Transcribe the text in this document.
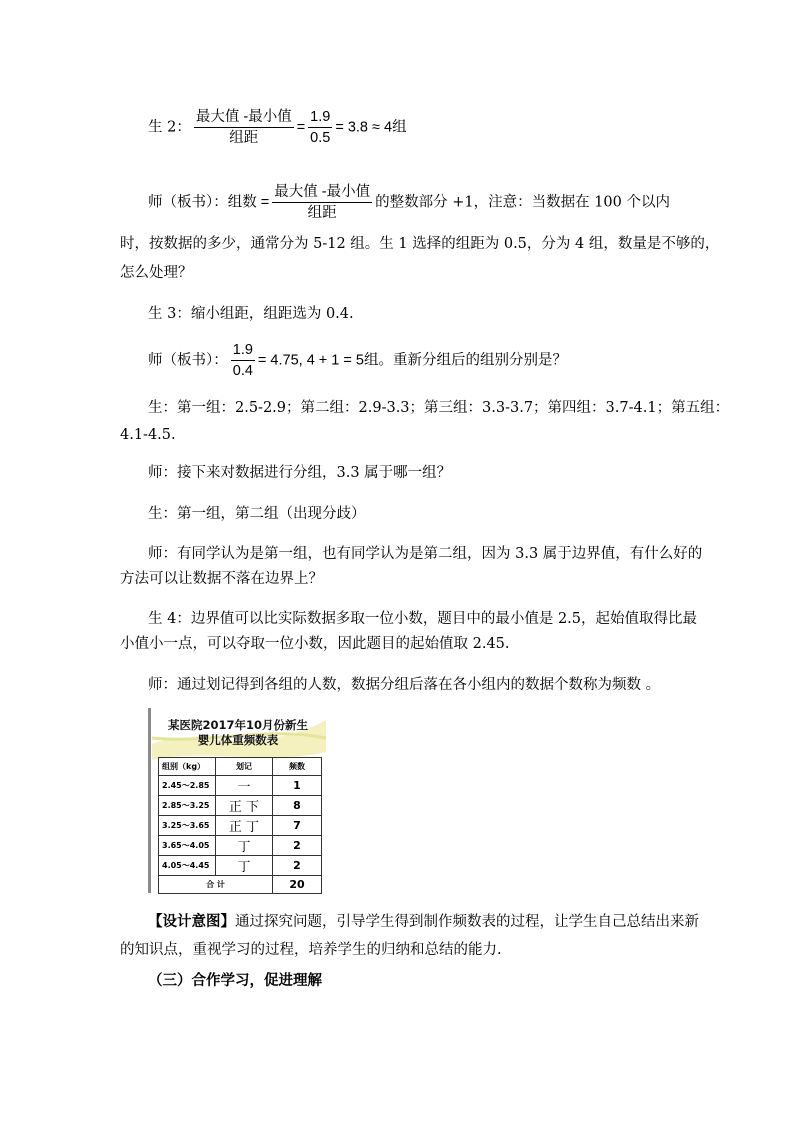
生 2： $\frac{\text{最大值 -最小值}}{\text{组距}} = \frac{1.9}{0.5} = 3.8 \approx 4$组
师（板书）：组数 = $\frac{\text{最大值 -最小值}}{\text{组距}}$ 的整数部分 +1，注意：当数据在 100 个以内
时，按数据的多少，通常分为 5-12 组。生 1 选择的组距为 0.5，分为 4 组，数量是不够的，
怎么处理？
生 3：缩小组距，组距选为 0.4.
师（板书）： $\frac{1.9}{0.4} = 4.75$, 4 + 1 = 5组。重新分组后的组别分别是？
生：第一组：2.5-2.9；第二组：2.9-3.3；第三组：3.3-3.7；第四组：3.7-4.1；第五组：
4.1-4.5.
师：接下来对数据进行分组，3.3 属于哪一组？
生：第一组，第二组（出现分歧）
师：有同学认为是第一组，也有同学认为是第二组，因为 3.3 属于边界值，有什么好的
方法可以让数据不落在边界上？
生 4：边界值可以比实际数据多取一位小数，题目中的最小值是 2.5，起始值取得比最
小值小一点，可以夺取一位小数，因此题目的起始值取 2.45.
师：通过划记得到各组的人数，数据分组后落在各小组内的数据个数称为频数 。
某医院2017年10月份新生
婴儿体重频数表
组别（kg）	划记	频数
2.45～2.85	一	1
2.85～3.25	正 下	8
3.25～3.65	正 丁	7
3.65～4.05	丁	2
4.05～4.45	丁	2
合 计		20
【设计意图】通过探究问题，引导学生得到制作频数表的过程，让学生自己总结出来新
的知识点，重视学习的过程，培养学生的归纳和总结的能力.
（三）合作学习，促进理解
